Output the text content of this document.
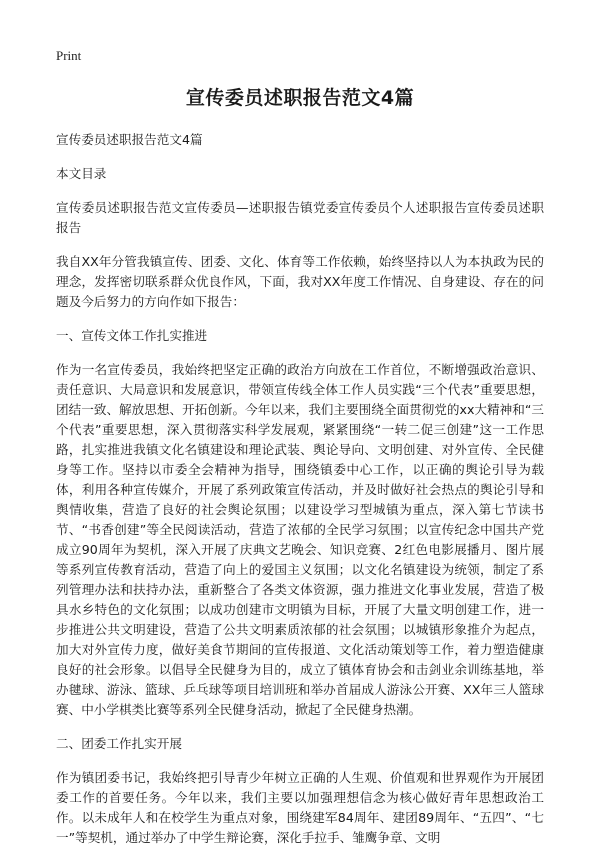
Print
宣传委员述职报告范文4篇

宣传委员述职报告范文4篇

本文目录

宣传委员述职报告范文宣传委员—述职报告镇党委宣传委员个人述职报告宣传委员述职报告

我自XX年分管我镇宣传、团委、文化、体育等工作依赖，始终坚持以人为本执政为民的理念，发挥密切联系群众优良作风，下面，我对XX年度工作情况、自身建设、存在的问题及今后努力的方向作如下报告：

一、宣传文体工作扎实推进

作为一名宣传委员，我始终把坚定正确的政治方向放在工作首位，不断增强政治意识、责任意识、大局意识和发展意识，带领宣传线全体工作人员实践“三个代表”重要思想，团结一致、解放思想、开拓创新。今年以来，我们主要围绕全面贯彻党的xx大精神和“三个代表”重要思想，深入贯彻落实科学发展观，紧紧围绕“一转二促三创建”这一工作思路，扎实推进我镇文化名镇建设和理论武装、舆论导向、文明创建、对外宣传、全民健身等工作。坚持以市委全会精神为指导，围绕镇委中心工作，以正确的舆论引导为载体，利用各种宣传媒介，开展了系列政策宣传活动，并及时做好社会热点的舆论引导和舆情收集，营造了良好的社会舆论氛围；以建设学习型城镇为重点，深入第七节读书节、“书香创建”等全民阅读活动，营造了浓郁的全民学习氛围；以宣传纪念中国共产党成立90周年为契机，深入开展了庆典文艺晚会、知识竞赛、2红色电影展播月、图片展等系列宣传教育活动，营造了向上的爱国主义氛围；以文化名镇建设为统领，制定了系列管理办法和扶持办法，重新整合了各类文体资源，强力推进文化事业发展，营造了极具水乡特色的文化氛围；以成功创建市文明镇为目标，开展了大量文明创建工作，进一步推进公共文明建设，营造了公共文明素质浓郁的社会氛围；以城镇形象推介为起点，加大对外宣传力度，做好美食节期间的宣传报道、文化活动策划等工作，着力塑造健康良好的社会形象。以倡导全民健身为目的，成立了镇体育协会和击剑业余训练基地，举办毽球、游泳、篮球、乒乓球等项目培训班和举办首届成人游泳公开赛、XX年三人篮球赛、中小学棋类比赛等系列全民健身活动，掀起了全民健身热潮。

二、团委工作扎实开展

作为镇团委书记，我始终把引导青少年树立正确的人生观、价值观和世界观作为开展团委工作的首要任务。今年以来，我们主要以加强理想信念为核心做好青年思想政治工作。以未成年人和在校学生为重点对象，围绕建军84周年、建团89周年、“五四”、“七一”等契机，通过举办了中学生辩论赛，深化手拉手、雏鹰争章、文明
